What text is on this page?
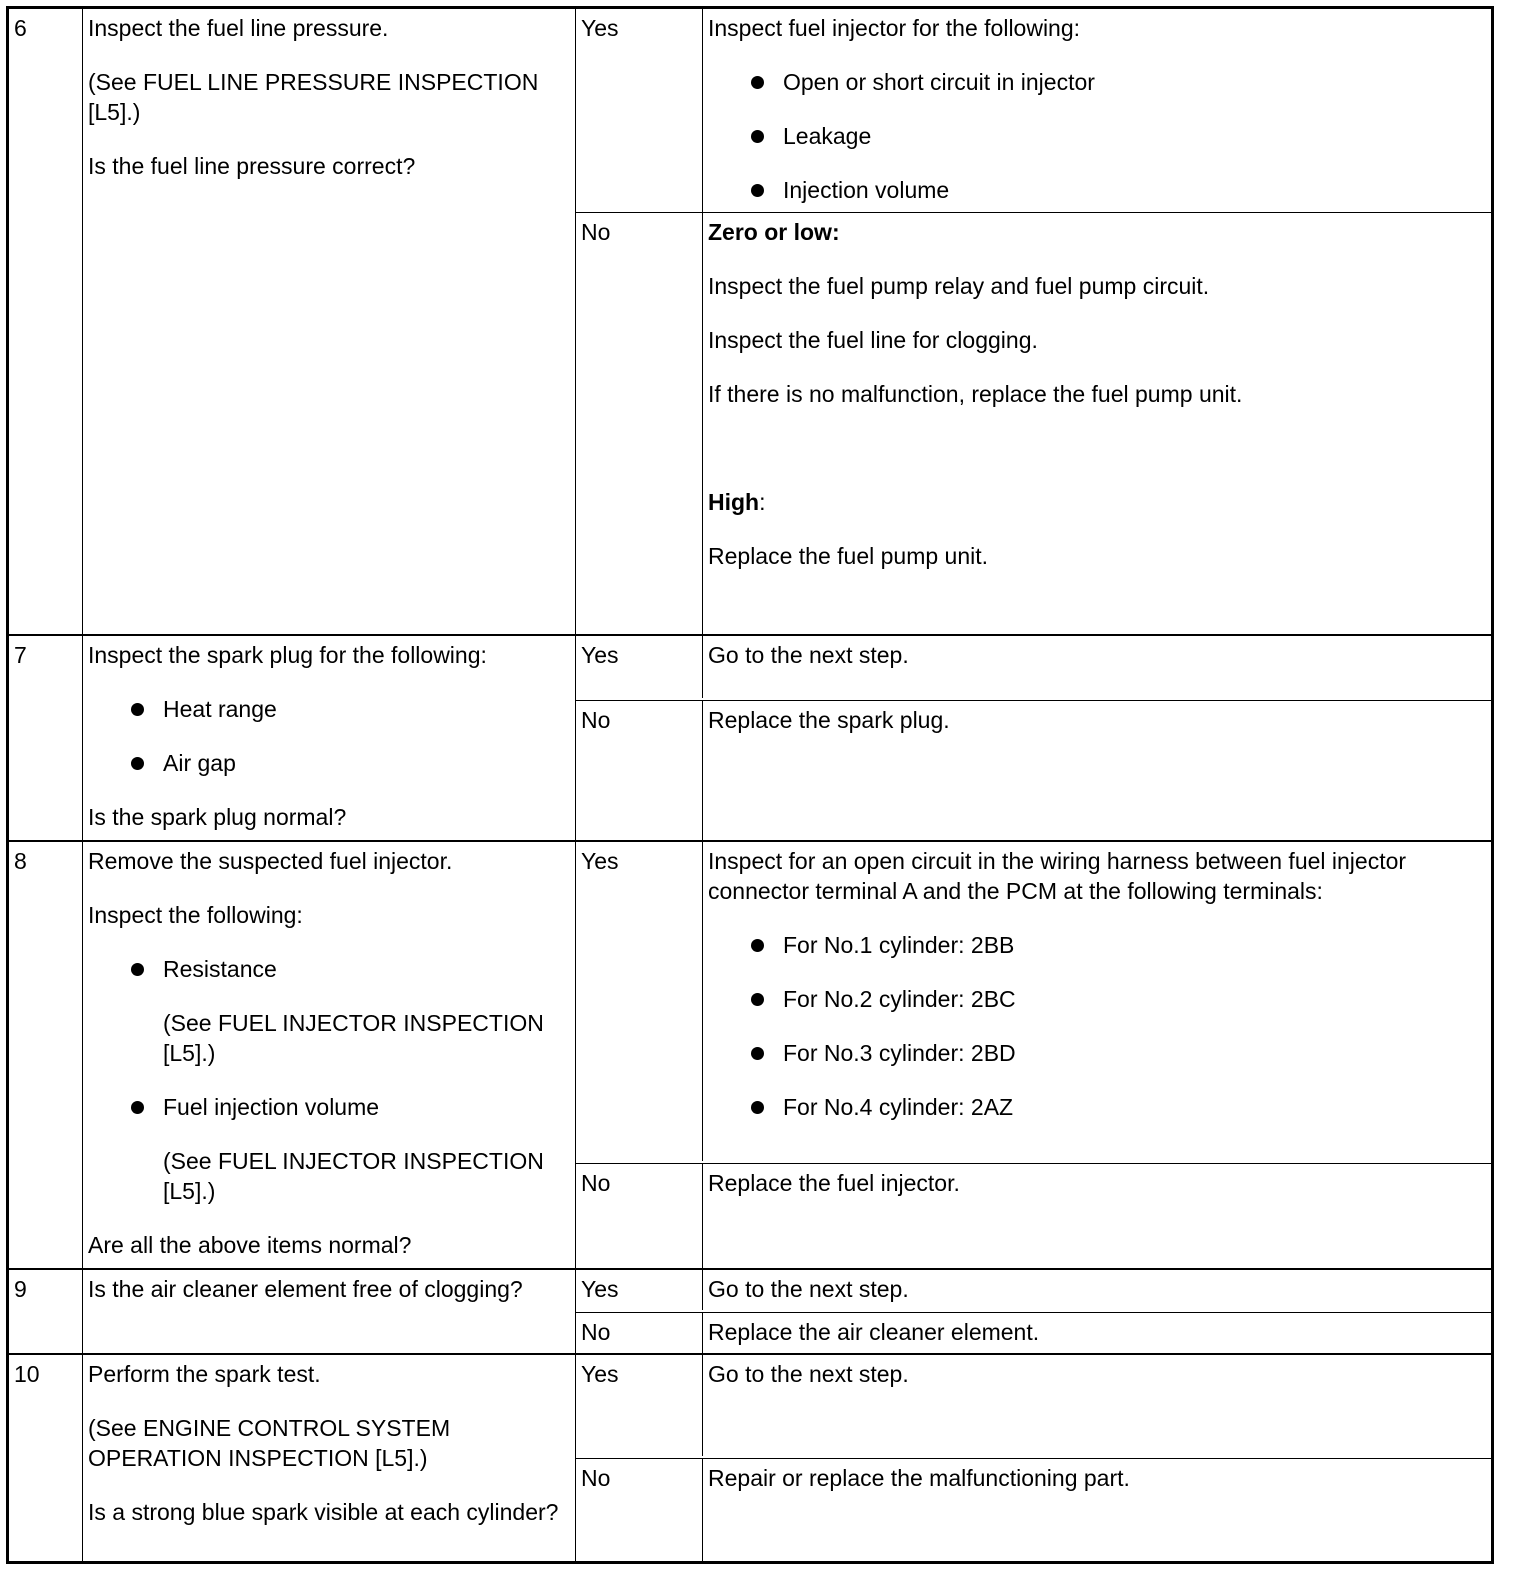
6	Inspect the fuel line pressure.
(See FUEL LINE PRESSURE INSPECTION [L5].)
Is the fuel line pressure correct?
Yes	Inspect fuel injector for the following:
Open or short circuit in injector
Leakage
Injection volume
No	Zero or low:
Inspect the fuel pump relay and fuel pump circuit.
Inspect the fuel line for clogging.
If there is no malfunction, replace the fuel pump unit.
High:
Replace the fuel pump unit.
7	Inspect the spark plug for the following:
Heat range
Air gap
Is the spark plug normal?
Yes	Go to the next step.
No	Replace the spark plug.
8	Remove the suspected fuel injector.
Inspect the following:
Resistance
(See FUEL INJECTOR INSPECTION [L5].)
Fuel injection volume
(See FUEL INJECTOR INSPECTION [L5].)
Are all the above items normal?
Yes	Inspect for an open circuit in the wiring harness between fuel injector connector terminal A and the PCM at the following terminals:
For No.1 cylinder: 2BB
For No.2 cylinder: 2BC
For No.3 cylinder: 2BD
For No.4 cylinder: 2AZ
No	Replace the fuel injector.
9	Is the air cleaner element free of clogging?	Yes	Go to the next step.
No	Replace the air cleaner element.
10	Perform the spark test.
(See ENGINE CONTROL SYSTEM OPERATION INSPECTION [L5].)
Is a strong blue spark visible at each cylinder?
Yes	Go to the next step.
No	Repair or replace the malfunctioning part.
